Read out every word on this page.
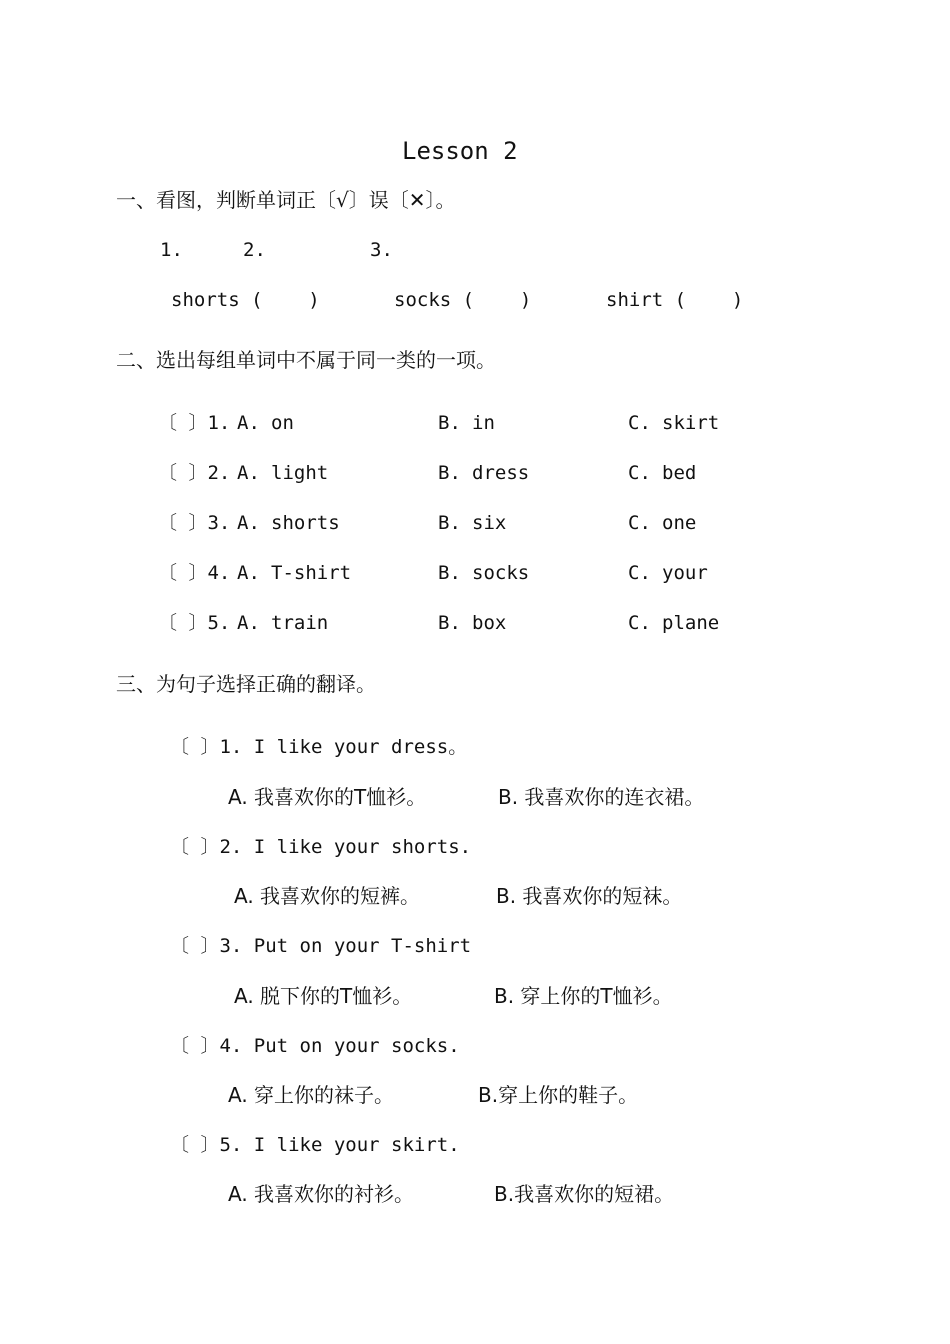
Lesson 2
一、看图，判断单词正〔√〕误〔✕〕。
1.	2.	3.
shorts (    )	socks (    )	shirt (    )
二、选出每组单词中不属于同一类的一项。
〔 〕1. A. on	B. in	C. skirt
〔 〕2. A. light	B. dress	C. bed
〔 〕3. A. shorts	B. six	C. one
〔 〕4. A. T-shirt	B. socks	C. your
〔 〕5. A. train	B. box	C. plane
三、为句子选择正确的翻译。
〔 〕1. I like your dress。
A. 我喜欢你的T恤衫。	B. 我喜欢你的连衣裙。
〔 〕2. I like your shorts.
A. 我喜欢你的短裤。	B. 我喜欢你的短袜。
〔 〕3. Put on your T-shirt
A. 脱下你的T恤衫。	B. 穿上你的T恤衫。
〔 〕4. Put on your socks.
A. 穿上你的袜子。	B.穿上你的鞋子。
〔 〕5. I like your skirt.
A. 我喜欢你的衬衫。	B.我喜欢你的短裙。
